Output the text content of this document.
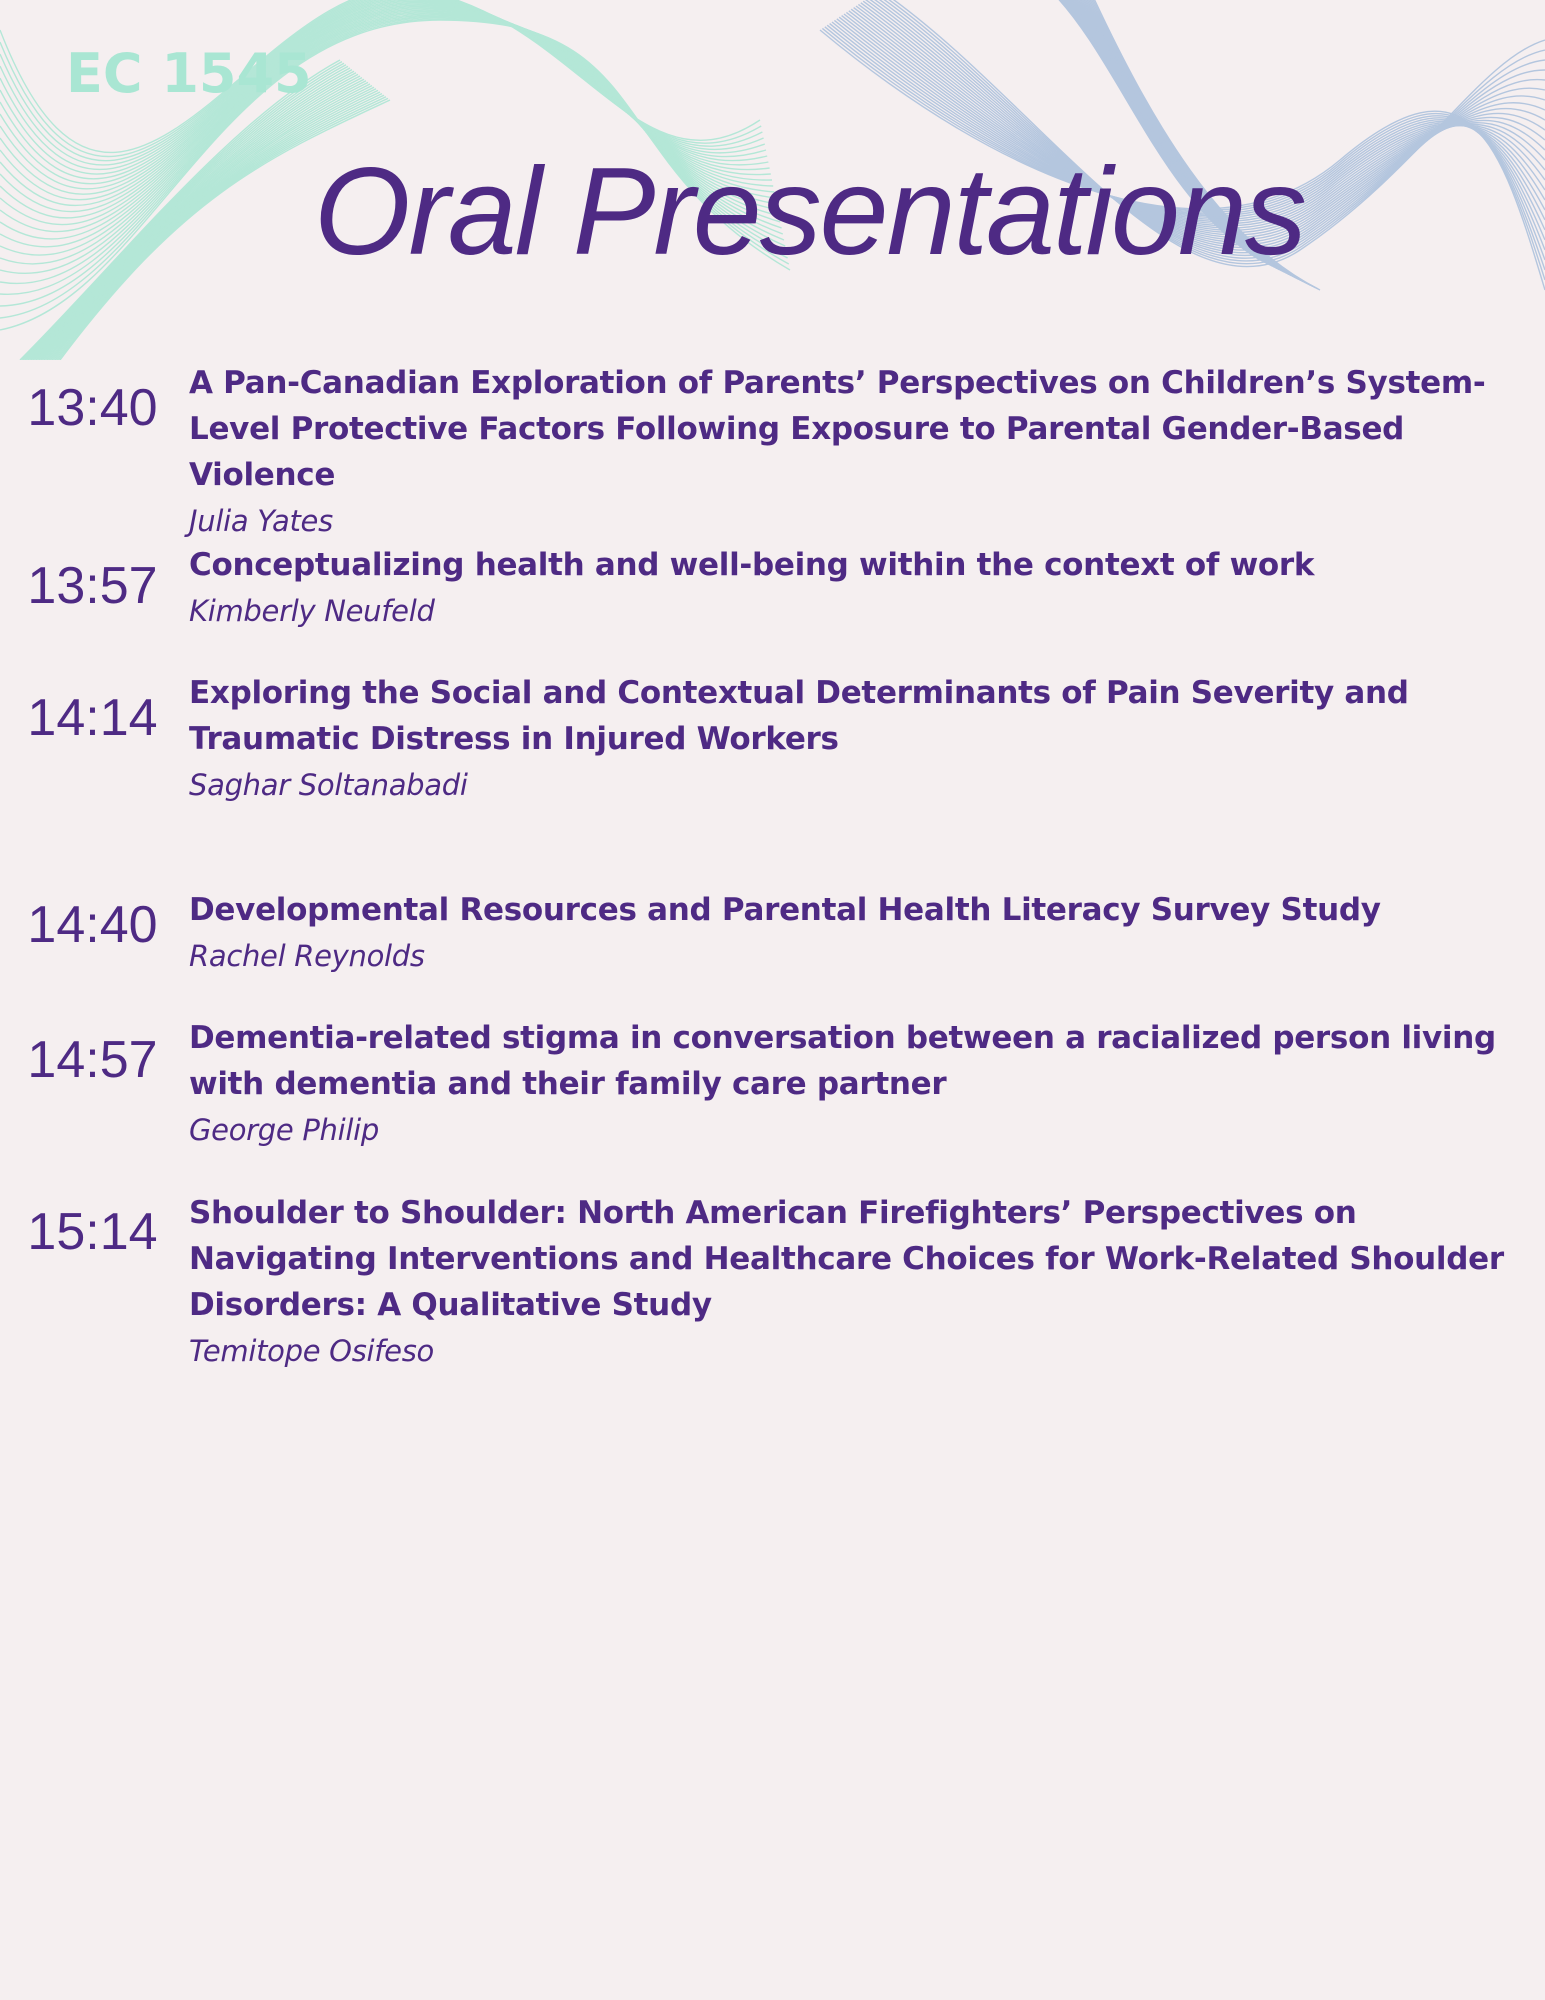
EC 1545
Oral Presentations
13:40	A Pan-Canadian Exploration of Parents’ Perspectives on Children’s System-Level Protective Factors Following Exposure to Parental Gender-Based Violence

Julia Yates

13:57	Conceptualizing health and well-being within the context of work

Kimberly Neufeld

14:14	Exploring the Social and Contextual Determinants of Pain Severity and Traumatic Distress in Injured Workers

Saghar Soltanabadi

14:40	Developmental Resources and Parental Health Literacy Survey Study

Rachel Reynolds

14:57	Dementia-related stigma in conversation between a racialized person living with dementia and their family care partner

George Philip

15:14	Shoulder to Shoulder: North American Firefighters’ Perspectives on Navigating Interventions and Healthcare Choices for Work-Related Shoulder Disorders: A Qualitative Study

Temitope Osifeso
